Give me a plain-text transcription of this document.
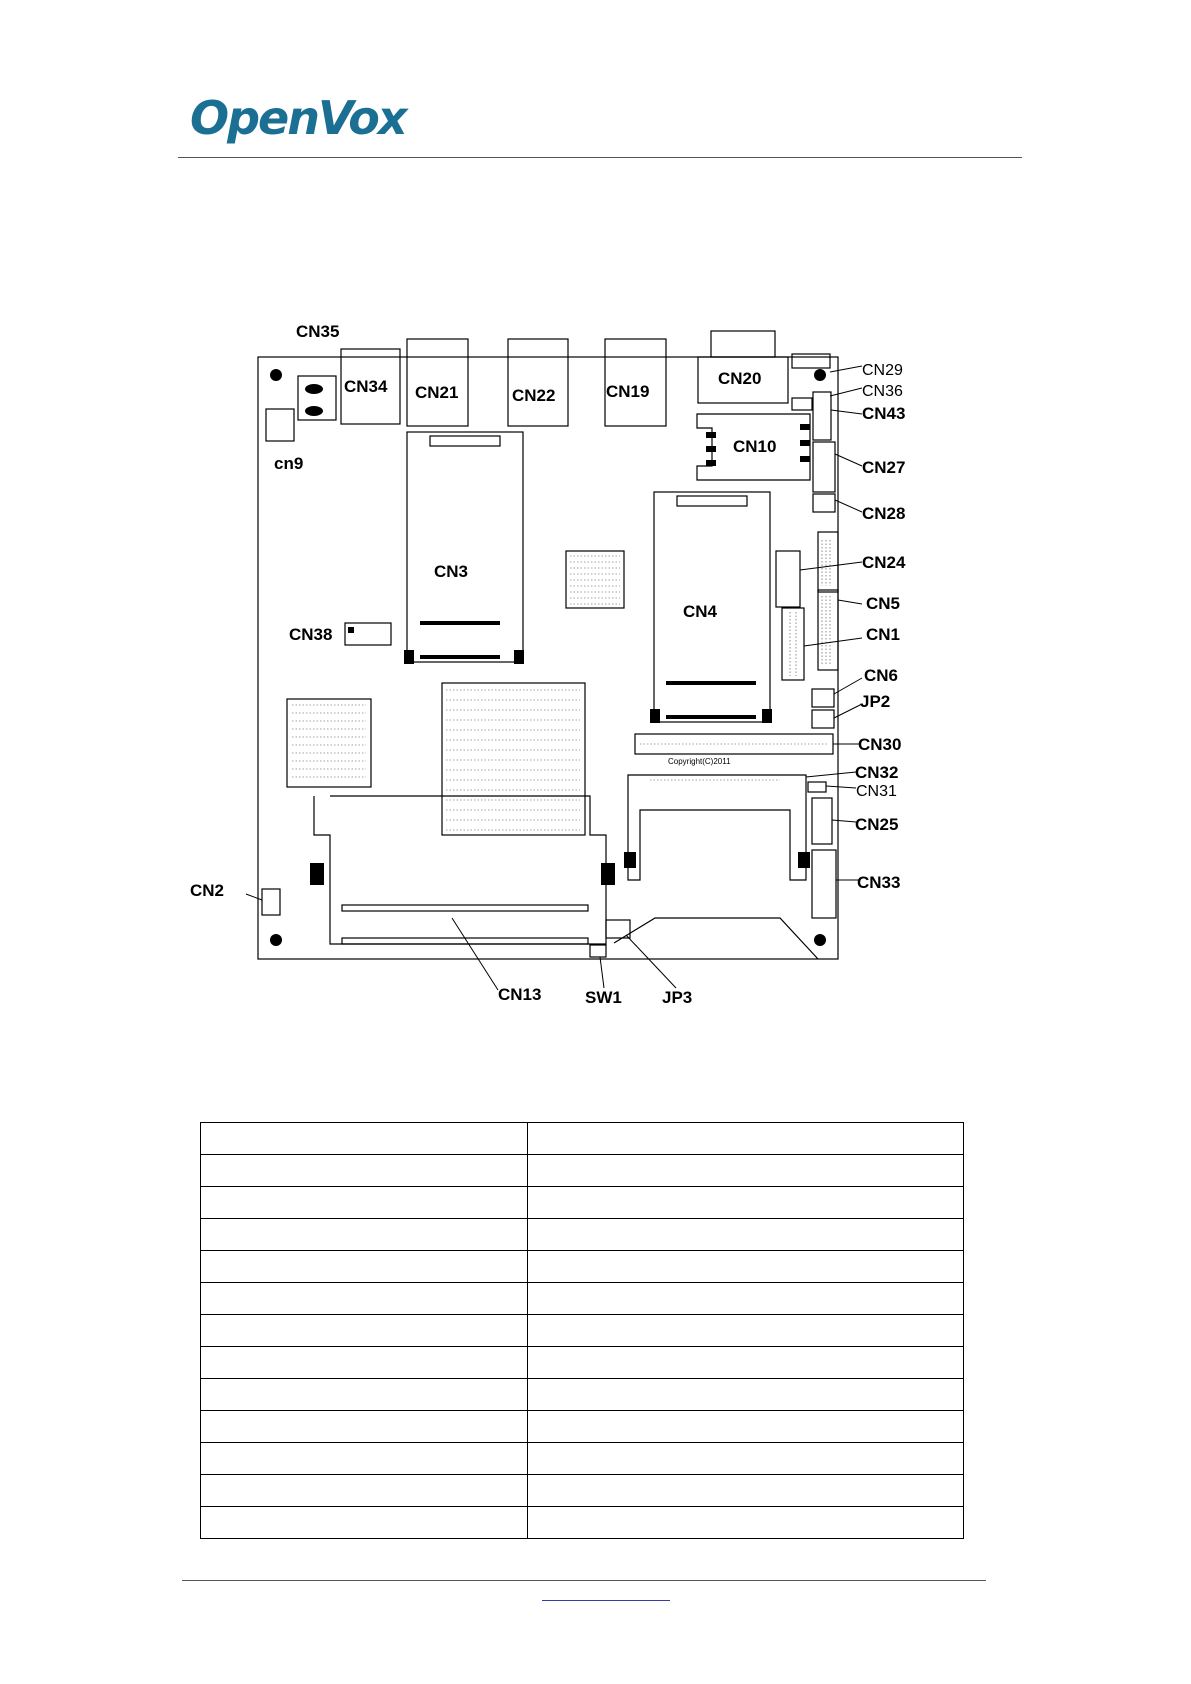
OpenVox
CN35
CN34 CN21	CN22	CN19
CN20
CN43
CN10
CN27
CN28
cn9
CN3	CN24
CN4	CN5
CN1
CN38
CN6
JP2
CN30
CN32
CN25
CN2	CN33
CN13	SW1 JP3
CN29
CN36
CN31
Copyright(C)2011
